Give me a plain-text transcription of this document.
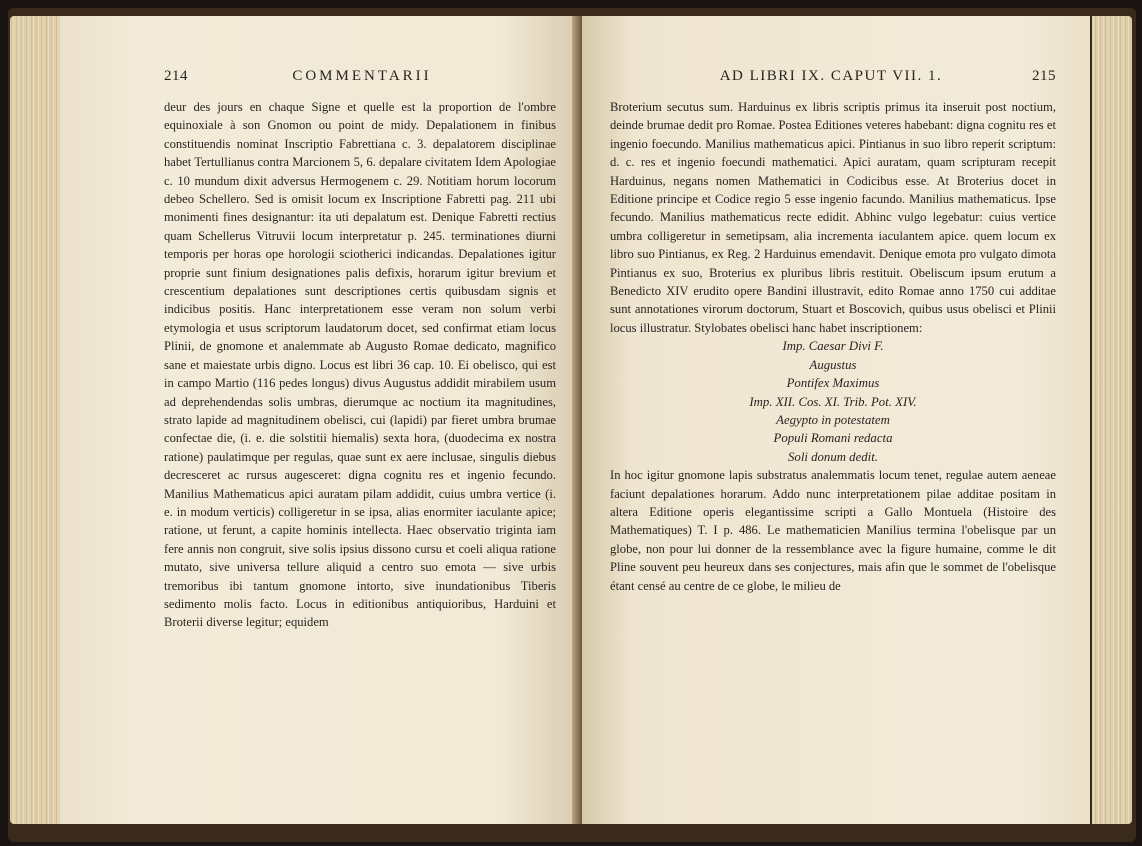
214	COMMENTARII

deur des jours en chaque Signe et quelle est la proportion de l'ombre equinoxiale à son Gnomon ou point de midy. Depalationem in finibus constituendis nominat Inscriptio Fabrettiana c. 3. depalatorem disciplinae habet Tertullianus contra Marcionem 5, 6. depalare civitatem Idem Apologiae c. 10 mundum dixit adversus Hermogenem c. 29. Notitiam horum locorum debeo Schellero. Sed is omisit locum ex Inscriptione Fabretti pag. 211 ubi monimenti fines designantur: ita uti depalatum est. Denique Fabretti rectius quam Schellerus Vitruvii locum interpretatur p. 245. terminationes diurni temporis per horas ope horologii sciotherici indicandas. Depalationes igitur proprie sunt finium designationes palis defixis, horarum igitur brevium et crescentium depalationes sunt descriptiones certis quibusdam signis et indicibus positis. Hanc interpretationem esse veram non solum verbi etymologia et usus scriptorum laudatorum docet, sed confirmat etiam locus Plinii, de gnomone et analemmate ab Augusto Romae dedicato, magnifico sane et maiestate urbis digno. Locus est libri 36 cap. 10. Ei obelisco, qui est in campo Martio (116 pedes longus) divus Augustus addidit mirabilem usum ad deprehendendas solis umbras, dierumque ac noctium ita magnitudines, strato lapide ad magnitudinem obelisci, cui (lapidi) par fieret umbra brumae confectae die, (i. e. die solstitii hiemalis) sexta hora, (duodecima ex nostra ratione) paulatimque per regulas, quae sunt ex aere inclusae, singulis diebus decresceret ac rursus augesceret: digna cognitu res et ingenio fecundo. Manilius Mathematicus apici auratam pilam addidit, cuius umbra vertice (i. e. in modum verticis) colligeretur in se ipsa, alias enormiter iaculante apice; ratione, ut ferunt, a capite hominis intellecta. Haec observatio triginta iam fere annis non congruit, sive solis ipsius dissono cursu et coeli aliqua ratione mutato, sive universa tellure aliquid a centro suo emota — sive urbis tremoribus ibi tantum gnomone intorto, sive inundationibus Tiberis sedimento molis facto. Locus in editionibus antiquioribus, Harduini et Broterii diverse legitur; equidem

AD LIBRI IX. CAPUT VII. 1.	215

Broterium secutus sum. Harduinus ex libris scriptis primus ita inseruit post noctium, deinde brumae dedit pro Romae. Postea Editiones veteres habebant: digna cognitu res et ingenio foecundo. Manilius mathematicus apici. Pintianus in suo libro reperit scriptum: d. c. res et ingenio foecundi mathematici. Apici auratam, quam scripturam recepit Harduinus, negans nomen Mathematici in Codicibus esse. At Broterius docet in Editione principe et Codice regio 5 esse ingenio facundo. Manilius mathematicus. Ipse fecundo. Manilius mathematicus recte edidit. Abhinc vulgo legebatur: cuius vertice umbra colligeretur in semetipsam, alia incrementa iaculantem apice. quem locum ex libro suo Pintianus, ex Reg. 2 Harduinus emendavit. Denique emota pro vulgato dimota Pintianus ex suo, Broterius ex pluribus libris restituit. Obeliscum ipsum erutum a Benedicto XIV erudito opere Bandini illustravit, edito Romae anno 1750 cui additae sunt annotationes virorum doctorum, Stuart et Boscovich, quibus usus obelisci et Plinii locus illustratur. Stylobates obelisci hanc habet inscriptionem:

Imp. Caesar Divi F.
Augustus
Pontifex Maximus
Imp. XII. Cos. XI. Trib. Pot. XIV.
Aegypto in potestatem
Populi Romani redacta
Soli donum dedit.

In hoc igitur gnomone lapis substratus analemmatis locum tenet, regulae autem aeneae faciunt depalationes horarum. Addo nunc interpretationem pilae additae positam in altera Editione operis elegantissime scripti a Gallo Montuela (Histoire des Mathematiques) T. I p. 486. Le mathematicien Manilius termina l'obelisque par un globe, non pour lui donner de la ressemblance avec la figure humaine, comme le dit Pline souvent peu heureux dans ses conjectures, mais afin que le sommet de l'obelisque étant censé au centre de ce globe, le milieu de
